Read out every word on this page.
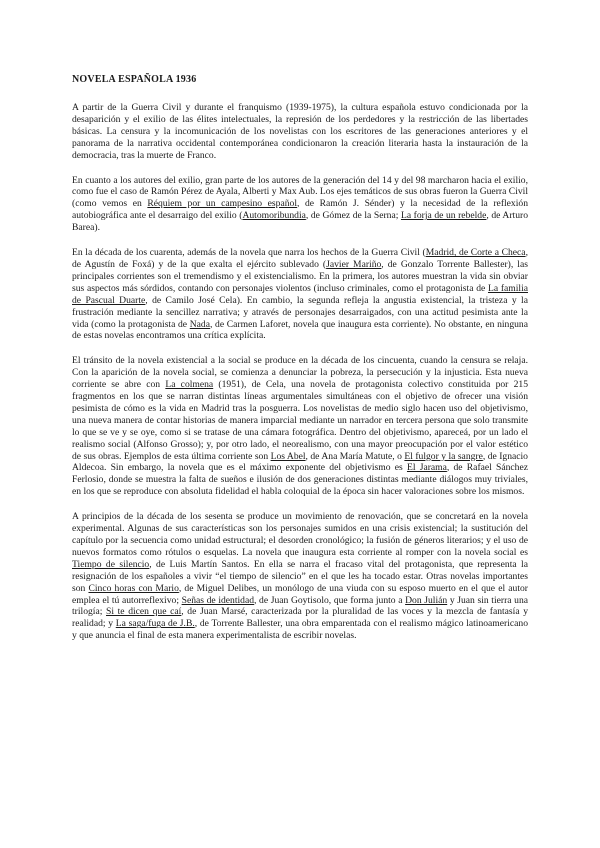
NOVELA ESPAÑOLA 1936

A partir de la Guerra Civil y durante el franquismo (1939-1975), la cultura española estuvo condicionada por la desaparición y el exilio de las élites intelectuales, la represión de los perdedores y la restricción de las libertades básicas. La censura y la incomunicación de los novelistas con los escritores de las generaciones anteriores y el panorama de la narrativa occidental contemporánea condicionaron la creación literaria hasta la instauración de la democracia, tras la muerte de Franco.

En cuanto a los autores del exilio, gran parte de los autores de la generación del 14 y del 98 marcharon hacia el exilio, como fue el caso de Ramón Pérez de Ayala, Alberti y Max Aub. Los ejes temáticos de sus obras fueron la Guerra Civil (como vemos en Réquiem por un campesino español, de Ramón J. Sénder) y la necesidad de la reflexión autobiográfica ante el desarraigo del exilio (Automoribundia, de Gómez de la Serna; La forja de un rebelde, de Arturo Barea).

En la década de los cuarenta, además de la novela que narra los hechos de la Guerra Civil (Madrid, de Corte a Checa, de Agustín de Foxá) y de la que exalta el ejército sublevado (Javier Mariño, de Gonzalo Torrente Ballester), las principales corrientes son el tremendismo y el existencialismo. En la primera, los autores muestran la vida sin obviar sus aspectos más sórdidos, contando con personajes violentos (incluso criminales, como el protagonista de La familia de Pascual Duarte, de Camilo José Cela). En cambio, la segunda refleja la angustia existencial, la tristeza y la frustración mediante la sencillez narrativa; y através de personajes desarraigados, con una actitud pesimista ante la vida (como la protagonista de Nada, de Carmen Laforet, novela que inaugura esta corriente). No obstante, en ninguna de estas novelas encontramos una crítica explícita.

El tránsito de la novela existencial a la social se produce en la década de los cincuenta, cuando la censura se relaja. Con la aparición de la novela social, se comienza a denunciar la pobreza, la persecución y la injusticia. Esta nueva corriente se abre con La colmena (1951), de Cela, una novela de protagonista colectivo constituida por 215 fragmentos en los que se narran distintas líneas argumentales simultáneas con el objetivo de ofrecer una visión pesimista de cómo es la vida en Madrid tras la posguerra. Los novelistas de medio siglo hacen uso del objetivismo, una nueva manera de contar historias de manera imparcial mediante un narrador en tercera persona que solo transmite lo que se ve y se oye, como si se tratase de una cámara fotográfica. Dentro del objetivismo, apareceá, por un lado el realismo social (Alfonso Grosso); y, por otro lado, el neorealismo, con una mayor preocupación por el valor estético de sus obras. Ejemplos de esta última corriente son Los Abel, de Ana María Matute, o El fulgor y la sangre, de Ignacio Aldecoa. Sin embargo, la novela que es el máximo exponente del objetivismo es El Jarama, de Rafael Sánchez Ferlosio, donde se muestra la falta de sueños e ilusión de dos generaciones distintas mediante diálogos muy triviales, en los que se reproduce con absoluta fidelidad el habla coloquial de la época sin hacer valoraciones sobre los mismos.

A principios de la década de los sesenta se produce un movimiento de renovación, que se concretará en la novela experimental. Algunas de sus características son los personajes sumidos en una crisis existencial; la sustitución del capítulo por la secuencia como unidad estructural; el desorden cronológico; la fusión de géneros literarios; y el uso de nuevos formatos como rótulos o esquelas. La novela que inaugura esta corriente al romper con la novela social es Tiempo de silencio, de Luis Martín Santos. En ella se narra el fracaso vital del protagonista, que representa la resignación de los españoles a vivir “el tiempo de silencio” en el que les ha tocado estar. Otras novelas importantes son Cinco horas con Mario, de Miguel Delibes, un monólogo de una viuda con su esposo muerto en el que el autor emplea el tú autorreflexivo; Señas de identidad, de Juan Goytisolo, que forma junto a Don Julián y Juan sin tierra una trilogía; Si te dicen que caí, de Juan Marsé, caracterizada por la pluralidad de las voces y la mezcla de fantasía y realidad; y La saga/fuga de J.B., de Torrente Ballester, una obra emparentada con el realismo mágico latinoamericano y que anuncia el final de esta manera experimentalista de escribir novelas.
